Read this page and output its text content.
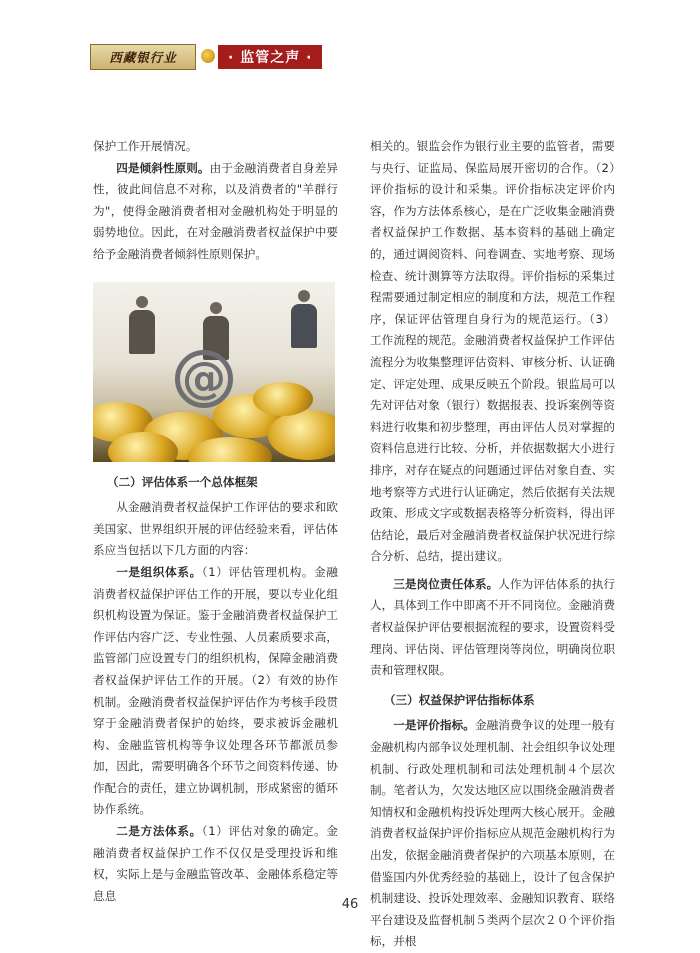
西藏银行业	· 监管之声 ·

保护工作开展情况。

四是倾斜性原则。由于金融消费者自身差异性，彼此间信息不对称，以及消费者的"羊群行为"，使得金融消费者相对金融机构处于明显的弱势地位。因此，在对金融消费者权益保护中要给予金融消费者倾斜性原则保护。

@

（二）评估体系一个总体框架

从金融消费者权益保护工作评估的要求和欧美国家、世界组织开展的评估经验来看，评估体系应当包括以下几方面的内容：

一是组织体系。（1）评估管理机构。金融消费者权益保护评估工作的开展，要以专业化组织机构设置为保证。鉴于金融消费者权益保护工作评估内容广泛、专业性强、人员素质要求高，监管部门应设置专门的组织机构，保障金融消费者权益保护评估工作的开展。（2）有效的协作机制。金融消费者权益保护评估作为考核手段贯穿于金融消费者保护的始终，要求被诉金融机构、金融监管机构等争议处理各环节都派员参加，因此，需要明确各个环节之间资料传递、协作配合的责任，建立协调机制，形成紧密的循环协作系统。

二是方法体系。（1）评估对象的确定。金融消费者权益保护工作不仅仅是受理投诉和维权，实际上是与金融监管改革、金融体系稳定等息息

相关的。银监会作为银行业主要的监管者，需要与央行、证监局、保监局展开密切的合作。（2）评价指标的设计和采集。评价指标决定评价内容，作为方法体系核心，是在广泛收集金融消费者权益保护工作数据、基本资料的基础上确定的，通过调阅资料、问卷调查、实地考察、现场检查、统计测算等方法取得。评价指标的采集过程需要通过制定相应的制度和方法，规范工作程序，保证评估管理自身行为的规范运行。（3）工作流程的规范。金融消费者权益保护工作评估流程分为收集整理评估资料、审核分析、认证确定、评定处理、成果反映五个阶段。银监局可以先对评估对象（银行）数据报表、投诉案例等资料进行收集和初步整理，再由评估人员对掌握的资料信息进行比较、分析，并依据数据大小进行排序，对存在疑点的问题通过评估对象自查、实地考察等方式进行认证确定，然后依据有关法规政策、形成文字或数据表格等分析资料，得出评估结论，最后对金融消费者权益保护状况进行综合分析、总结，提出建议。

三是岗位责任体系。人作为评估体系的执行人，具体到工作中即离不开不同岗位。金融消费者权益保护评估要根据流程的要求，设置资料受理岗、评估岗、评估管理岗等岗位，明确岗位职责和管理权限。

（三）权益保护评估指标体系

一是评价指标。金融消费争议的处理一般有金融机构内部争议处理机制、社会组织争议处理机制、行政处理机制和司法处理机制４个层次制。笔者认为，欠发达地区应以围绕金融消费者知情权和金融机构投诉处理两大核心展开。金融消费者权益保护评价指标应从规范金融机构行为出发，依据金融消费者保护的六项基本原则，在借鉴国内外优秀经验的基础上，设计了包含保护机制建设、投诉处理效率、金融知识教育、联络平台建设及监督机制５类两个层次２０个评价指标，并根

46
